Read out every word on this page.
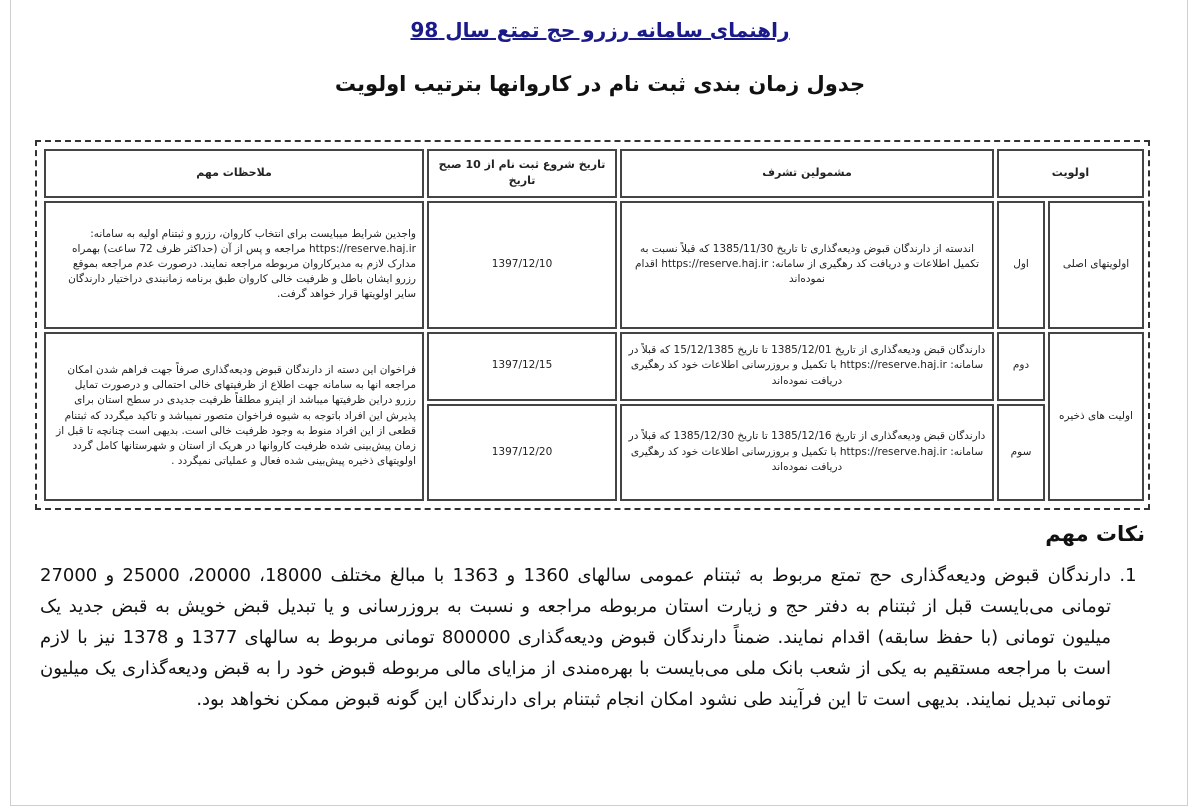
راهنمای سامانه رزرو حج تمتع سال 98
جدول زمان بندی ثبت نام در کاروانها بترتیب اولویت
اولویت		مشمولین تشرف	تاریخ شروع ثبت نام از 10 صبح تاریخ	ملاحظات مهم
اولویتهای اصلی	اول	اندسته از دارندگان قبوض ودیعه‌گذاری تا تاریخ 1385/11/30 که قبلاً نسبت به تکمیل اطلاعات و دریافت کد رهگیری از سامانه: https://reserve.haj.ir اقدام نموده‌اند	1397/12/10	واجدین شرایط میبایست برای انتخاب کاروان، رزرو و ثبتنام اولیه به سامانه: https://reserve.haj.ir مراجعه و پس از آن (حداکثر ظرف 72 ساعت) بهمراه مدارک لازم به مدیرکاروان مربوطه مراجعه نمایند. درصورت عدم مراجعه بموقع رزرو ایشان باطل و ظرفیت خالی کاروان طبق برنامه زمانبندی دراختیار دارندگان سایر اولویتها قرار خواهد گرفت.
اولیت های ذخیره	دوم	دارندگان قبض ودیعه‌گذاری از تاریخ 1385/12/01 تا تاریخ 15/12/1385 که قبلاً در سامانه: https://reserve.haj.ir با تکمیل و بروزرسانی اطلاعات خود کد رهگیری دریافت نموده‌اند	1397/12/15	فراخوان این دسته از دارندگان قبوض ودیعه‌گذاری صرفاً جهت فراهم شدن امکان مراجعه انها به سامانه جهت اطلاع از ظرفیتهای خالی احتمالی و درصورت تمایل رزرو دراین ظرفیتها میباشد از اینرو مطلقاً ظرفیت جدیدی در سطح استان برای پذیرش این افراد باتوجه به شیوه فراخوان متصور نمیباشد و تاکید میگردد که ثبتنام قطعی از این افراد منوط به وجود ظرفیت خالی است. بدیهی است چنانچه تا قبل از زمان پیش‌بینی شده ظرفیت کاروانها در هریک از استان و شهرستانها کامل گردد اولویتهای ذخیره پیش‌بینی شده فعال و عملیاتی نمیگردد .
	سوم	دارندگان قبض ودیعه‌گذاری از تاریخ 1385/12/16 تا تاریخ 1385/12/30 که قبلاً در سامانه: https://reserve.haj.ir با تکمیل و بروزرسانی اطلاعات خود کد رهگیری دریافت نموده‌اند	1397/12/20	
نکات مهم
1.
دارندگان قبوض ودیعه‌گذاری حج تمتع مربوط به ثبتنام عمومی سالهای 1360 و 1363 با مبالغ مختلف 18000، 20000، 25000 و 27000 تومانی می‌بایست قبل از ثبتنام به دفتر حج و زیارت استان مربوطه مراجعه و نسبت به بروزرسانی و یا تبدیل قبض خویش به قبض جدید یک میلیون تومانی (با حفظ سابقه) اقدام نمایند. ضمناً دارندگان قبوض ودیعه‌گذاری 800000 تومانی مربوط به سالهای 1377 و 1378 نیز با لازم است با مراجعه مستقیم به یکی از شعب بانک ملی می‌بایست با بهره‌مندی از مزایای مالی مربوطه قبوض خود را به قبض ودیعه‌گذاری یک میلیون تومانی تبدیل نمایند. بدیهی است تا این فرآیند طی نشود امکان انجام ثبتنام برای دارندگان این گونه قبوض ممکن نخواهد بود.
